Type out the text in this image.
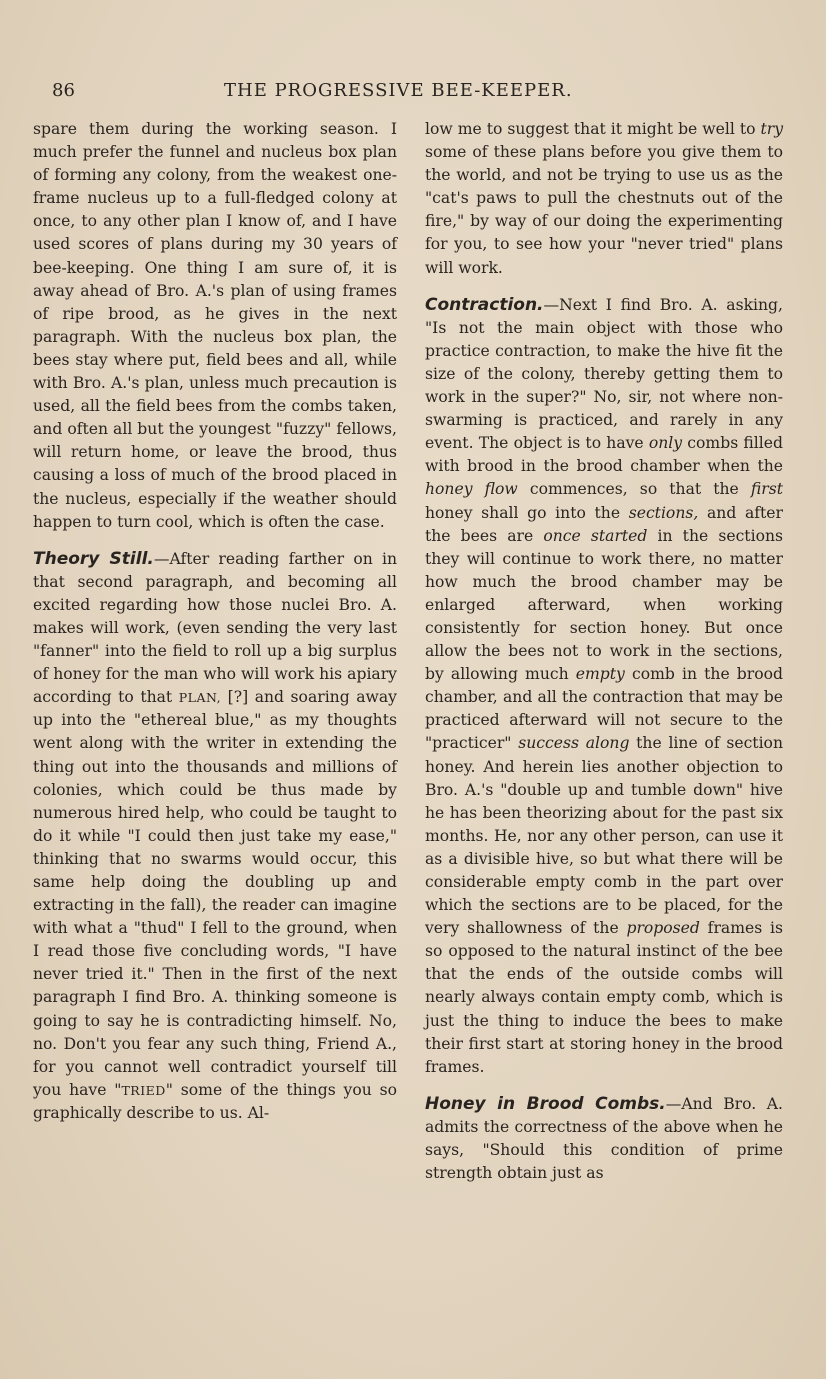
86	THE PROGRESSIVE BEE-KEEPER.

spare them during the working season. I much prefer the funnel and nucleus box plan of forming any colony, from the weakest one-frame nucleus up to a full-fledged colony at once, to any other plan I know of, and I have used scores of plans during my 30 years of bee-keeping. One thing I am sure of, it is away ahead of Bro. A.'s plan of using frames of ripe brood, as he gives in the next paragraph. With the nucleus box plan, the bees stay where put, field bees and all, while with Bro. A.'s plan, unless much precaution is used, all the field bees from the combs taken, and often all but the youngest "fuzzy" fellows, will return home, or leave the brood, thus causing a loss of much of the brood placed in the nucleus, especially if the weather should happen to turn cool, which is often the case.

Theory Still.—After reading farther on in that second paragraph, and becoming all excited regarding how those nuclei Bro. A. makes will work, (even sending the very last "fanner" into the field to roll up a big surplus of honey for the man who will work his apiary according to that PLAN, [?] and soaring away up into the "ethereal blue," as my thoughts went along with the writer in extending the thing out into the thousands and millions of colonies, which could be thus made by numerous hired help, who could be taught to do it while "I could then just take my ease," thinking that no swarms would occur, this same help doing the doubling up and extracting in the fall), the reader can imagine with what a "thud" I fell to the ground, when I read those five concluding words, "I have never tried it." Then in the first of the next paragraph I find Bro. A. thinking someone is going to say he is contradicting himself. No, no. Don't you fear any such thing, Friend A., for you cannot well contradict yourself till you have "TRIED" some of the things you so graphically describe to us. Al-

low me to suggest that it might be well to try some of these plans before you give them to the world, and not be trying to use us as the "cat's paws to pull the chestnuts out of the fire," by way of our doing the experimenting for you, to see how your "never tried" plans will work.

Contraction.—Next I find Bro. A. asking, "Is not the main object with those who practice contraction, to make the hive fit the size of the colony, thereby getting them to work in the super?" No, sir, not where non-swarming is practiced, and rarely in any event. The object is to have only combs filled with brood in the brood chamber when the honey flow commences, so that the first honey shall go into the sections, and after the bees are once started in the sections they will continue to work there, no matter how much the brood chamber may be enlarged afterward, when working consistently for section honey. But once allow the bees not to work in the sections, by allowing much empty comb in the brood chamber, and all the contraction that may be practiced afterward will not secure to the "practicer" success along the line of section honey. And herein lies another objection to Bro. A.'s "double up and tumble down" hive he has been theorizing about for the past six months. He, nor any other person, can use it as a divisible hive, so but what there will be considerable empty comb in the part over which the sections are to be placed, for the very shallowness of the proposed frames is so opposed to the natural instinct of the bee that the ends of the outside combs will nearly always contain empty comb, which is just the thing to induce the bees to make their first start at storing honey in the brood frames.

Honey in Brood Combs.—And Bro. A. admits the correctness of the above when he says, "Should this condition of prime strength obtain just as
